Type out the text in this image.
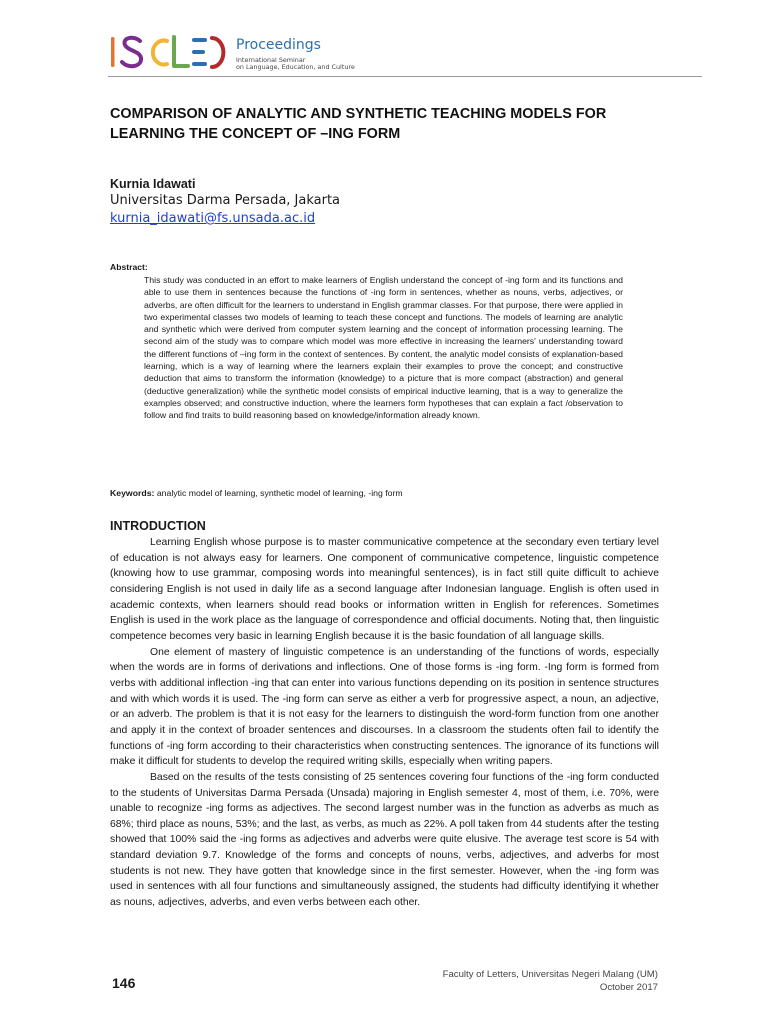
Proceedings
International Seminar
on Language, Education, and Culture
COMPARISON OF ANALYTIC AND SYNTHETIC TEACHING MODELS FOR LEARNING THE CONCEPT OF –ING FORM
Kurnia Idawati
Universitas Darma Persada, Jakarta
kurnia_idawati@fs.unsada.ac.id
Abstract:

This study was conducted in an effort to make learners of English understand the concept of -ing form and its functions and able to use them in sentences because the functions of -ing form in sentences, whether as nouns, verbs, adjectives, or adverbs, are often difficult for the learners to understand in English grammar classes. For that purpose, there were applied in two experimental classes two models of learning to teach these concept and functions. The models of learning are analytic and synthetic which were derived from computer system learning and the concept of information processing learning. The second aim of the study was to compare which model was more effective in increasing the learners' understanding toward the different functions of –ing form in the context of sentences. By content, the analytic model consists of explanation-based learning, which is a way of learning where the learners explain their examples to prove the concept; and constructive deduction that aims to transform the information (knowledge) to a picture that is more compact (abstraction) and general (deductive generalization) while the synthetic model consists of empirical inductive learning, that is a way to generalize the examples observed; and constructive induction, where the learners form hypotheses that can explain a fact /observation to follow and find traits to build reasoning based on knowledge/information already known.

Keywords: analytic model of learning, synthetic model of learning, -ing form
INTRODUCTION

Learning English whose purpose is to master communicative competence at the secondary even tertiary level of education is not always easy for learners. One component of communicative competence, linguistic competence (knowing how to use grammar, composing words into meaningful sentences), is in fact still quite difficult to achieve considering English is not used in daily life as a second language after Indonesian language. English is often used in academic contexts, when learners should read books or information written in English for references. Sometimes English is used in the work place as the language of correspondence and official documents. Noting that, then linguistic competence becomes very basic in learning English because it is the basic foundation of all language skills.

One element of mastery of linguistic competence is an understanding of the functions of words, especially when the words are in forms of derivations and inflections. One of those forms is -ing form. -Ing form is formed from verbs with additional inflection -ing that can enter into various functions depending on its position in sentence structures and with which words it is used. The -ing form can serve as either a verb for progressive aspect, a noun, an adjective, or an adverb. The problem is that it is not easy for the learners to distinguish the word-form function from one another and apply it in the context of broader sentences and discourses. In a classroom the students often fail to identify the functions of -ing form according to their characteristics when constructing sentences. The ignorance of its functions will make it difficult for students to develop the required writing skills, especially when writing papers.

Based on the results of the tests consisting of 25 sentences covering four functions of the -ing form conducted to the students of Universitas Darma Persada (Unsada) majoring in English semester 4, most of them, i.e. 70%, were unable to recognize -ing forms as adjectives. The second largest number was in the function as adverbs as much as 68%; third place as nouns, 53%; and the last, as verbs, as much as 22%. A poll taken from 44 students after the testing showed that 100% said the -ing forms as adjectives and adverbs were quite elusive. The average test score is 54 with standard deviation 9.7. Knowledge of the forms and concepts of nouns, verbs, adjectives, and adverbs for most students is not new. They have gotten that knowledge since in the first semester. However, when the -ing form was used in sentences with all four functions and simultaneously assigned, the students had difficulty identifying it whether as nouns, adjectives, adverbs, and even verbs between each other.

146
Faculty of Letters, Universitas Negeri Malang (UM)
October 2017
